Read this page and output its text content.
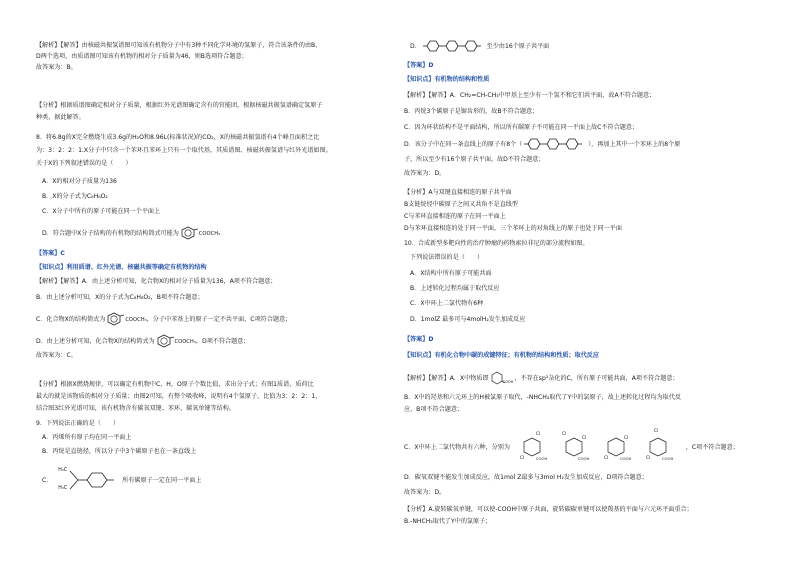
【解析】【解答】由核磁共振氢谱图可知该有机物分子中有3种不同化学环境的氢原子，符合该条件的由B、
D两个选项，由质谱图可知该有机物的相对分子质量为46，则B选项符合题意；
故答案为：B。
【分析】根据质谱图确定相对分子质量，根据红外光谱图确定含有的官能团，根据核磁共振氢谱确定氢原子
种类，据此解答。
8．将6.8g的X完全燃烧生成3.6g的H₂O和8.96L(标准状况)的CO₂，X的核磁共振氢谱有4个峰且面积之比
为：3：2：2：1.X分子中只含一个苯环且苯环上只有一个取代基，其质谱图、核磁共振氢谱与红外光谱如图。
关于X的下列叙述错误的是（　　）
A．X的相对分子质量为136
B．X的分子式为C₈H₈O₂
C．X分子中所有的原子可能在同一个平面上
D．符合题中X分子结构的有机物的结构简式可能为	COOCH₃
【答案】C
【知识点】利用质谱、红外光谱、核磁共振等确定有机物的结构
【解析】【解答】A．由上述分析可知，化合物X的相对分子质量为136，A项不符合题意；
B．由上述分析可知，X的分子式为C₈H₈O₂，B项不符合题意；
C．化合物X的结构简式为	COOCH₃，分子中苯基上的原子一定不共平面，C项符合题意；
D．由上述分析可知，化合物X的结构简式为	COOCH₃，D项不符合题意；
故答案为：C。
【分析】根据X燃烧规律，可以确定有机物中C，H，O原子个数比值，求出分子式；有图1质谱，质荷比
最大的就是该物质的相对分子质量；由图2可知，有整个吸收峰，说明有4个氢原子，比值为3：2：2：1，
结合图3红外光谱可知，该有机物含有碳氧双键、苯环、碳氧单键等结构。
9．下列说法正确的是（　　）
A．丙烯所有原子均在同一平面上
B．丙烷是直链烃，所以分子中3个碳原子也在一条直线上
C．
H₃C
H₃C
所有碳原子一定在同一平面上
D．	至少由16个原子共平面
【答案】D
【知识点】有机物的结构和性质
【解析】【解答】A．CH₂=CH-CH₃中甲基上至少有一个氢不和它们共平面，故A不符合题意；
B．丙烷3个碳原子是锯齿形的，故B不符合题意；
C．因为环状结构不是平面结构，所以所有碳原子不可能在同一平面上故C不符合题意；
D．该分子中在同一条直线上的原子有8个（	），再加上其中一个苯环上的8个原
子，所以至少有16个原子共平面，故D不符合题意；
故答案为：D。
【分析】A与双键直接相连的原子共平面
B支链烷烃中碳原子之间又共角不是直线型
C与苯环直接相连的原子在同一平面上
D与苯环直接相连的处于同一平面，三个苯环上的对角线上的原子也处于同一平面
10．合成新型多靶向性的治疗肿瘤的药物索拉非尼的部分流程如图。
下列说法错误的是（　　）
A．X结构中所有原子可能共面
B．上述转化过程均属于取代反应
C．X中环上二氯代物有6种
D．1molZ 最多可与4molH₂发生加成反应
【答案】D
【知识点】有机化合物中碳的成键特征；有机物的结构和性质；取代反应
【解析】【解答】A．X中物质即	COOH ，不存在sp³杂化的C，所有原子可能共面，A项不符合题意；
B．X中的羟基和六元环上的H被氯原子取代，-NHCH₃取代了Y中的氯原子，故上述转化过程均为取代反
应，B项不符合题意；
C．X中环上二氯代物共有六种，分别为
Cl
Cl	COOH
Cl
Cl
COOH	Cl
Cl
COOH
Cl
Cl	COOH
，C项不符合题意；
D．碳氧双键不能发生加成反应，故1mol Z最多与3mol H₂发生加成反应，D项符合题意；
故答案为：D。
【分析】A.旋转碳氧单键，可以使-COOH中原子共面，旋转碳碳单键可以使羧基的平面与六元环平面重合；
B.-NHCH₃取代了Y中的氯原子；
